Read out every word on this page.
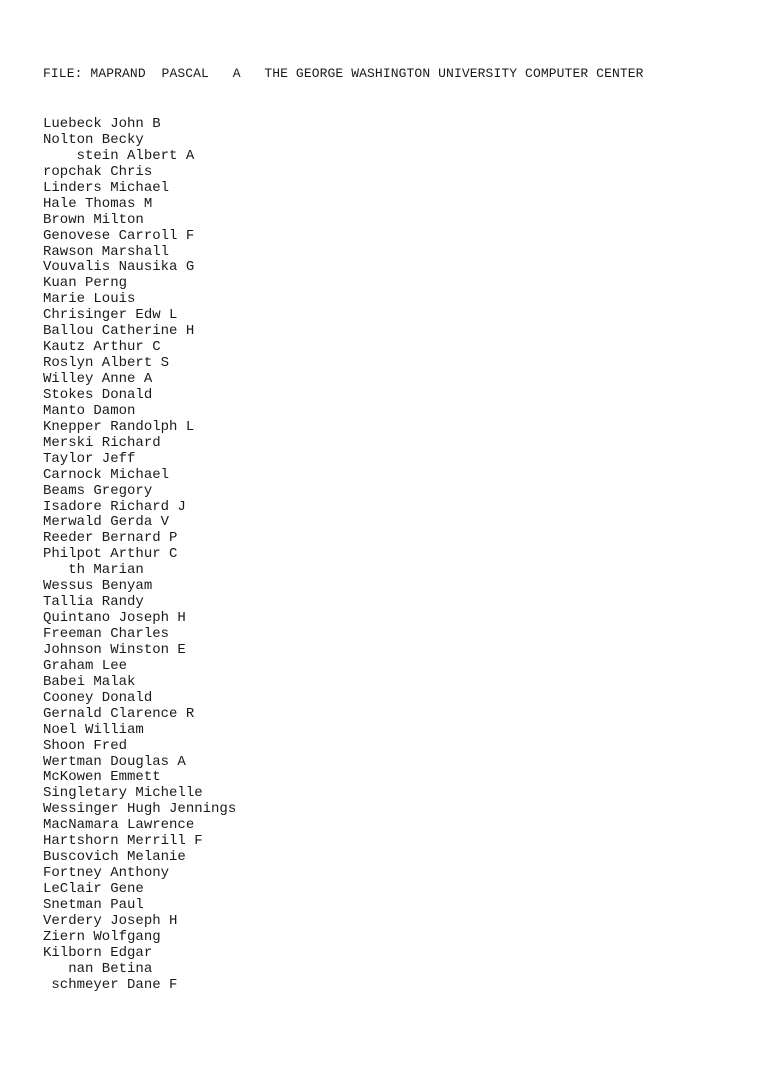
FILE: MAPRAND PASCAL A THE GEORGE WASHINGTON UNIVERSITY COMPUTER CENTER
Luebeck John B
Nolton Becky
stein Albert A
ropchak Chris
Linders Michael
Hale Thomas M
Brown Milton
Genovese Carroll F
Rawson Marshall
Vouvalis Nausika G
Kuan Perng
Marie Louis
Chrisinger Edw L
Ballou Catherine H
Kautz Arthur C
Roslyn Albert S
Willey Anne A
Stokes Donald
Manto Damon
Knepper Randolph L
Merski Richard
Taylor Jeff
Carnock Michael
Beams Gregory
Isadore Richard J
Merwald Gerda V
Reeder Bernard P
Philpot Arthur C
th Marian
Wessus Benyam
Tallia Randy
Quintano Joseph H
Freeman Charles
Johnson Winston E
Graham Lee
Babei Malak
Cooney Donald
Gernald Clarence R
Noel William
Shoon Fred
Wertman Douglas A
McKowen Emmett
Singletary Michelle
Wessinger Hugh Jennings
MacNamara Lawrence
Hartshorn Merrill F
Buscovich Melanie
Fortney Anthony
LeClair Gene
Snetman Paul
Verdery Joseph H
Ziern Wolfgang
Kilborn Edgar
nan Betina
schmeyer Dane F
